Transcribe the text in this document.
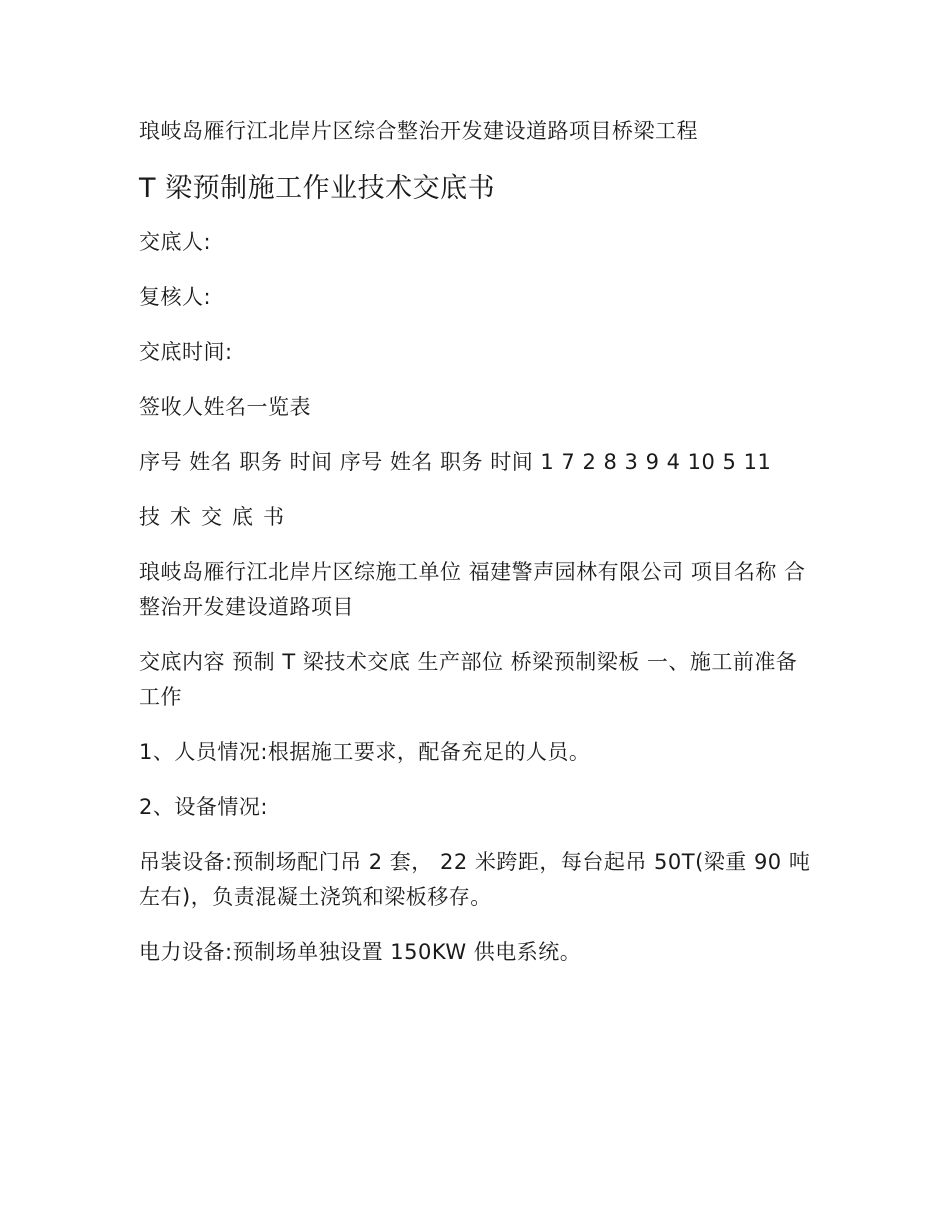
琅岐岛雁行江北岸片区综合整治开发建设道路项目桥梁工程
T 梁预制施工作业技术交底书
交底人:
复核人:
交底时间:
签收人姓名一览表
序号 姓名 职务 时间 序号 姓名 职务 时间 1 7 2 8 3 9 4 10 5 11
技术交底书
琅岐岛雁行江北岸片区综施工单位 福建警声园林有限公司 项目名称 合整治开发建设道路项目
交底内容 预制 T 梁技术交底 生产部位 桥梁预制梁板 一、施工前准备工作
1、人员情况:根据施工要求，配备充足的人员。
2、设备情况:
吊装设备:预制场配门吊 2 套， 22 米跨距，每台起吊 50T(梁重 90 吨左右)，负责混凝土浇筑和梁板移存。
电力设备:预制场单独设置 150KW 供电系统。
